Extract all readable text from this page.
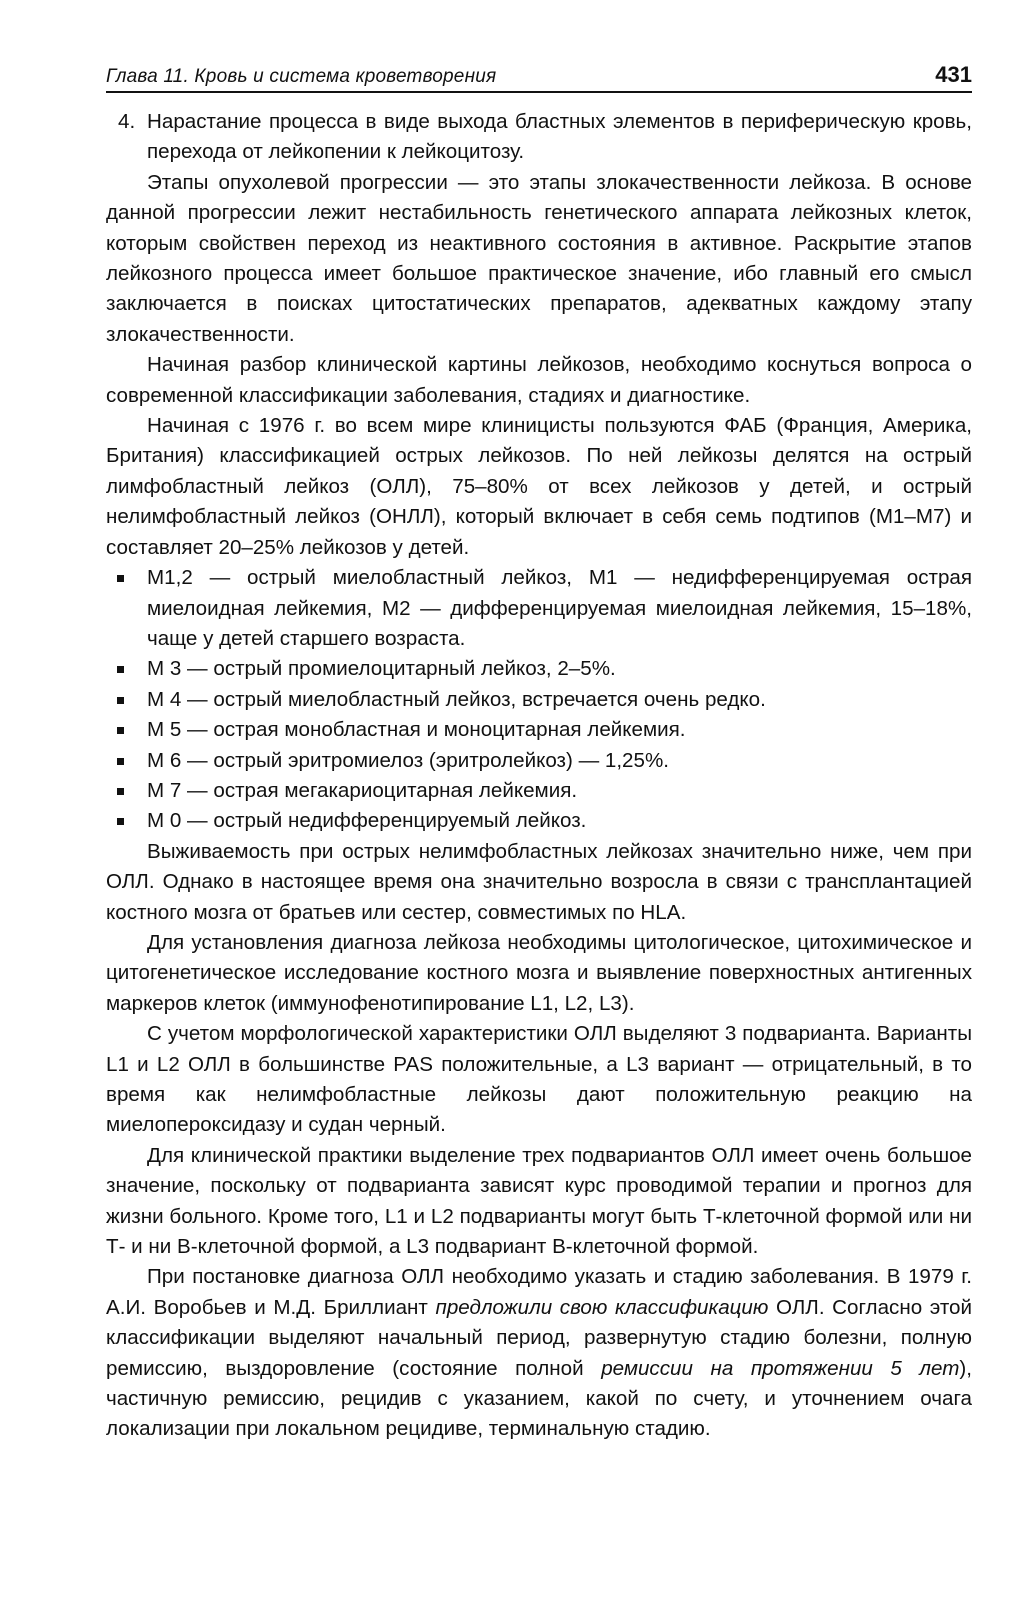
Глава 11. Кровь и система кроветворения	431

4. Нарастание процесса в виде выхода бластных элементов в периферическую кровь, перехода от лейкопении к лейкоцитозу.

Этапы опухолевой прогрессии — это этапы злокачественности лейкоза. В основе данной прогрессии лежит нестабильность генетического аппарата лейкозных клеток, которым свойствен переход из неактивного состояния в активное. Раскрытие этапов лейкозного процесса имеет большое практическое значение, ибо главный его смысл заключается в поисках цитостатических препаратов, адекватных каждому этапу злокачественности.

Начиная разбор клинической картины лейкозов, необходимо коснуться вопроса о современной классификации заболевания, стадиях и диагностике.

Начиная с 1976 г. во всем мире клиницисты пользуются ФАБ (Франция, Америка, Британия) классификацией острых лейкозов. По ней лейкозы делятся на острый лимфобластный лейкоз (ОЛЛ), 75–80% от всех лейкозов у детей, и острый нелимфобластный лейкоз (ОНЛЛ), который включает в себя семь подтипов (M1–M7) и составляет 20–25% лейкозов у детей.

М1,2 — острый миелобластный лейкоз, M1 — недифференцируемая острая миелоидная лейкемия, М2 — дифференцируемая миелоидная лейкемия, 15–18%, чаще у детей старшего возраста.
М 3 — острый промиелоцитарный лейкоз, 2–5%.
М 4 — острый миелобластный лейкоз, встречается очень редко.
М 5 — острая монобластная и моноцитарная лейкемия.
М 6 — острый эритромиелоз (эритролейкоз) — 1,25%.
М 7 — острая мегакариоцитарная лейкемия.
М 0 — острый недифференцируемый лейкоз.

Выживаемость при острых нелимфобластных лейкозах значительно ниже, чем при ОЛЛ. Однако в настоящее время она значительно возросла в связи с трансплантацией костного мозга от братьев или сестер, совместимых по HLA.

Для установления диагноза лейкоза необходимы цитологическое, цитохимическое и цитогенетическое исследование костного мозга и выявление поверхностных антигенных маркеров клеток (иммунофенотипирование L1, L2, L3).

С учетом морфологической характеристики ОЛЛ выделяют 3 подварианта. Варианты L1 и L2 ОЛЛ в большинстве PAS положительные, а L3 вариант — отрицательный, в то время как нелимфобластные лейкозы дают положительную реакцию на миелопероксидазу и судан черный.

Для клинической практики выделение трех подвариантов ОЛЛ имеет очень большое значение, поскольку от подварианта зависят курс проводимой терапии и прогноз для жизни больного. Кроме того, L1 и L2 подварианты могут быть Т-клеточной формой или ни Т- и ни В-клеточной формой, а L3 подвариант В-клеточной формой.

При постановке диагноза ОЛЛ необходимо указать и стадию заболевания. В 1979 г. А.И. Воробьев и М.Д. Бриллиант предложили свою классификацию ОЛЛ. Согласно этой классификации выделяют начальный период, развернутую стадию болезни, полную ремиссию, выздоровление (состояние полной ремиссии на протяжении 5 лет), частичную ремиссию, рецидив с указанием, какой по счету, и уточнением очага локализации при локальном рецидиве, терминальную стадию.
